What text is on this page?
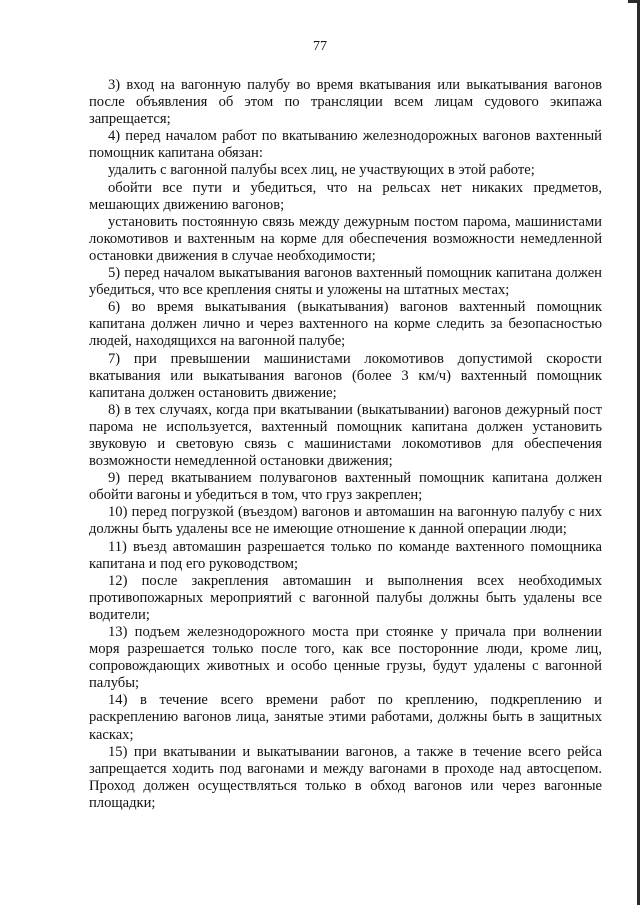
77

3) вход на вагонную палубу во время вкатывания или выкатывания вагонов после объявления об этом по трансляции всем лицам судового экипажа запрещается;

4) перед началом работ по вкатыванию железнодорожных вагонов вахтенный помощник капитана обязан:

удалить с вагонной палубы всех лиц, не участвующих в этой работе;

обойти все пути и убедиться, что на рельсах нет никаких предметов, мешающих движению вагонов;

установить постоянную связь между дежурным постом парома, машинистами локомотивов и вахтенным на корме для обеспечения возможности немедленной остановки движения в случае необходимости;

5) перед началом выкатывания вагонов вахтенный помощник капитана должен убедиться, что все крепления сняты и уложены на штатных местах;

6) во время выкатывания (выкатывания) вагонов вахтенный помощник капитана должен лично и через вахтенного на корме следить за безопасностью людей, находящихся на вагонной палубе;

7) при превышении машинистами локомотивов допустимой скорости вкатывания или выкатывания вагонов (более 3 км/ч) вахтенный помощник капитана должен остановить движение;

8) в тех случаях, когда при вкатывании (выкатывании) вагонов дежурный пост парома не используется, вахтенный помощник капитана должен установить звуковую и световую связь с машинистами локомотивов для обеспечения возможности немедленной остановки движения;

9) перед вкатыванием полувагонов вахтенный помощник капитана должен обойти вагоны и убедиться в том, что груз закреплен;

10) перед погрузкой (въездом) вагонов и автомашин на вагонную палубу с них должны быть удалены все не имеющие отношение к данной операции люди;

11) въезд автомашин разрешается только по команде вахтенного помощника капитана и под его руководством;

12) после закрепления автомашин и выполнения всех необходимых противопожарных мероприятий с вагонной палубы должны быть удалены все водители;

13) подъем железнодорожного моста при стоянке у причала при волнении моря разрешается только после того, как все посторонние люди, кроме лиц, сопровождающих животных и особо ценные грузы, будут удалены с вагонной палубы;

14) в течение всего времени работ по креплению, подкреплению и раскреплению вагонов лица, занятые этими работами, должны быть в защитных касках;

15) при вкатывании и выкатывании вагонов, а также в течение всего рейса запрещается ходить под вагонами и между вагонами в проходе над автосцепом. Проход должен осуществляться только в обход вагонов или через вагонные площадки;
